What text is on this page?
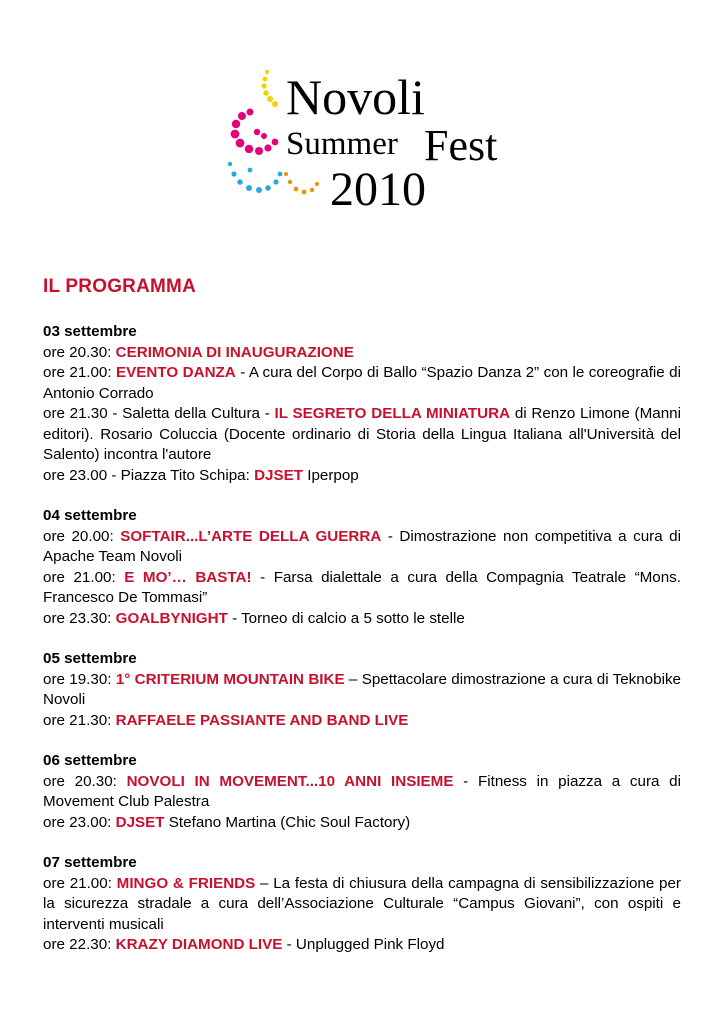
Novoli
Summer Fest
2010
IL PROGRAMMA
03 settembre
ore 20.30: CERIMONIA DI INAUGURAZIONE
ore 21.00: EVENTO DANZA - A cura del Corpo di Ballo “Spazio Danza 2” con le coreografie di Antonio Corrado
ore 21.30 - Saletta della Cultura - IL SEGRETO DELLA MINIATURA di Renzo Limone (Manni editori). Rosario Coluccia (Docente ordinario di Storia della Lingua Italiana all'Università del Salento) incontra l'autore
ore 23.00 - Piazza Tito Schipa: DJSET Iperpop
04 settembre
ore 20.00: SOFTAIR...L’ARTE DELLA GUERRA - Dimostrazione non competitiva a cura di Apache Team Novoli
ore 21.00: E MO’… BASTA! - Farsa dialettale a cura della Compagnia Teatrale “Mons. Francesco De Tommasi”
ore 23.30: GOALBYNIGHT - Torneo di calcio a 5 sotto le stelle
05 settembre
ore 19.30: 1° CRITERIUM MOUNTAIN BIKE – Spettacolare dimostrazione a cura di Teknobike Novoli
ore 21.30: RAFFAELE PASSIANTE AND BAND LIVE
06 settembre
ore 20.30: NOVOLI IN MOVEMENT...10 ANNI INSIEME - Fitness in piazza a cura di Movement Club Palestra
ore 23.00: DJSET Stefano Martina (Chic Soul Factory)
07 settembre
ore 21.00: MINGO & FRIENDS – La festa di chiusura della campagna di sensibilizzazione per la sicurezza stradale a cura dell’Associazione Culturale “Campus Giovani”, con ospiti e interventi musicali
ore 22.30: KRAZY DIAMOND LIVE - Unplugged Pink Floyd
